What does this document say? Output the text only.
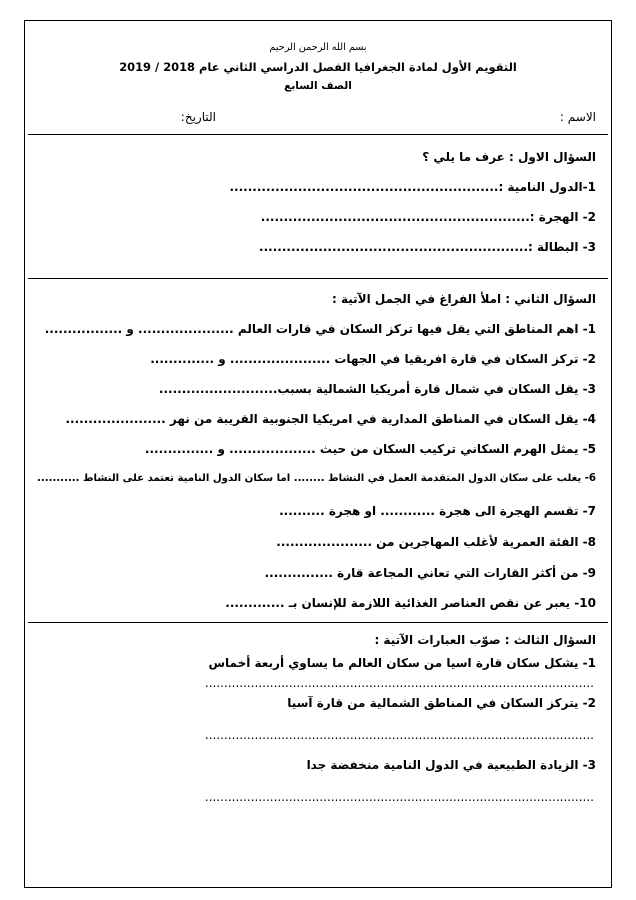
بسم الله الرحمن الرحيم
التقويم الأول لمادة الجغرافيا الفصل الدراسي الثاني عام 2018 / 2019
الصف السابع
الاسم :
التاريخ:
السؤال الاول : عرف ما يلي ؟
1-الدول النامية :...........................................................
2- الهجرة :...........................................................
3- البطالة :...........................................................
السؤال الثاني : املأ الفراغ في الجمل الآتية :
1- اهم المناطق التي يقل فيها تركز السكان في قارات العالم ..................... و .................
2- تركز السكان في قارة افريقيا في الجهات ...................... و ..............
3- يقل السكان في شمال قارة أمريكيا الشمالية بسبب..........................
4- يقل السكان في المناطق المدارية في امريكيا الجنوبية القريبة من نهر ......................
5- يمثل الهرم السكاني تركيب السكان من حيث ................... و ...............
6- يغلب على سكان الدول المتقدمة العمل في النشاط ........ اما سكان الدول النامية تعتمد على النشاط ...........
7- تقسم الهجرة الى هجرة ............ او هجرة ..........
8- الفئة العمرية لأغلب المهاجرين من .....................
9- من أكثر القارات التي تعاني المجاعة قارة ...............
10- يعبر عن نقص العناصر الغذائية اللازمة للإنسان بـ .............
السؤال الثالث : صوّب العبارات الآتية :
1- يشكل سكان قارة اسيا من سكان العالم ما يساوي أربعة أخماس
......................................................................................................
2- يتركز السكان في المناطق الشمالية من قارة آسيا
......................................................................................................
3- الزيادة الطبيعية في الدول النامية منخفضة جدا
......................................................................................................
